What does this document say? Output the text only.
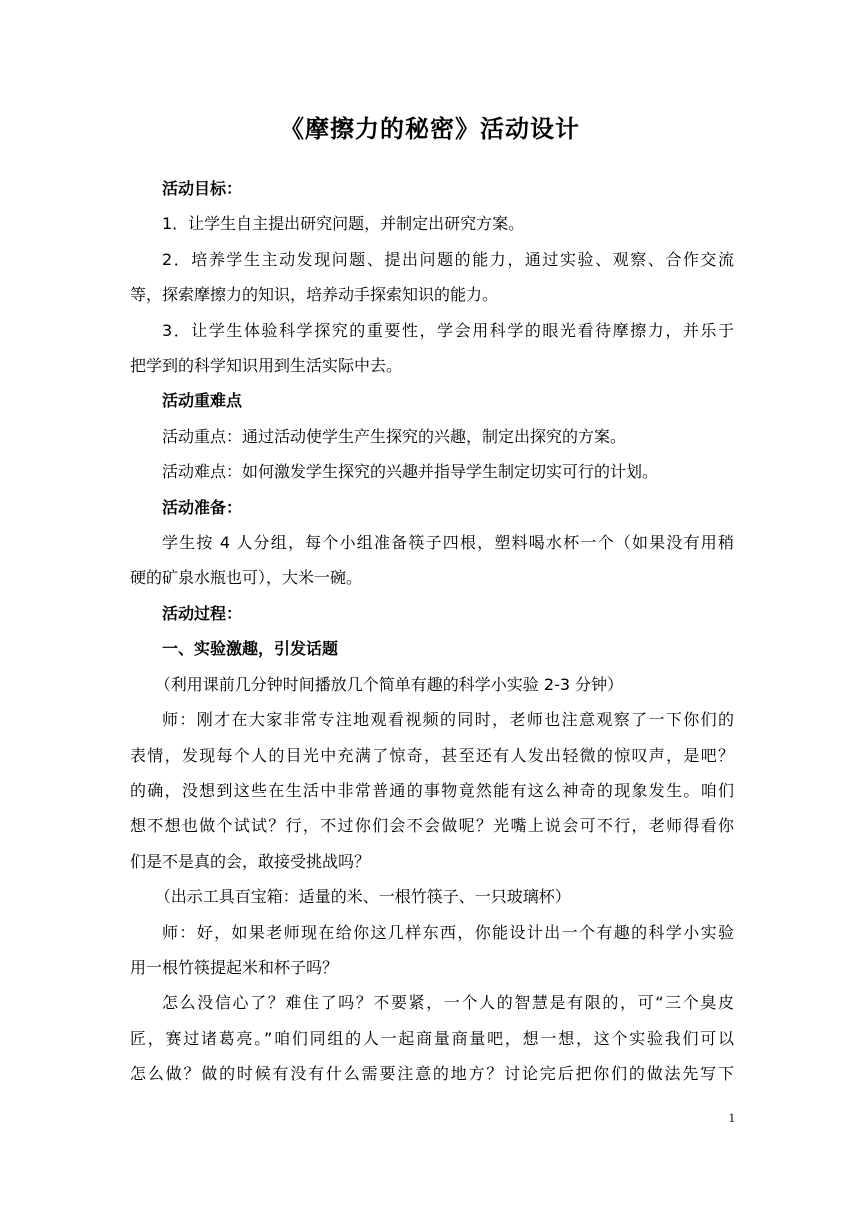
《摩擦力的秘密》活动设计
活动目标：
1．让学生自主提出研究问题，并制定出研究方案。
2．培养学生主动发现问题、提出问题的能力，通过实验、观察、合作交流
等，探索摩擦力的知识，培养动手探索知识的能力。
3．让学生体验科学探究的重要性，学会用科学的眼光看待摩擦力，并乐于
把学到的科学知识用到生活实际中去。
活动重难点
活动重点：通过活动使学生产生探究的兴趣，制定出探究的方案。
活动难点：如何激发学生探究的兴趣并指导学生制定切实可行的计划。
活动准备：
学生按 4 人分组，每个小组准备筷子四根，塑料喝水杯一个（如果没有用稍
硬的矿泉水瓶也可），大米一碗。
活动过程：
一、实验激趣，引发话题
（利用课前几分钟时间播放几个简单有趣的科学小实验 2-3 分钟）
师：刚才在大家非常专注地观看视频的同时，老师也注意观察了一下你们的
表情，发现每个人的目光中充满了惊奇，甚至还有人发出轻微的惊叹声，是吧？
的确，没想到这些在生活中非常普通的事物竟然能有这么神奇的现象发生。咱们
想不想也做个试试？行，不过你们会不会做呢？光嘴上说会可不行，老师得看你
们是不是真的会，敢接受挑战吗？
（出示工具百宝箱：适量的米、一根竹筷子、一只玻璃杯）
师：好，如果老师现在给你这几样东西，你能设计出一个有趣的科学小实验
用一根竹筷提起米和杯子吗？
怎么没信心了？难住了吗？不要紧，一个人的智慧是有限的，可“三个臭皮
匠，赛过诸葛亮。”咱们同组的人一起商量商量吧，想一想，这个实验我们可以
怎么做？做的时候有没有什么需要注意的地方？讨论完后把你们的做法先写下
1
